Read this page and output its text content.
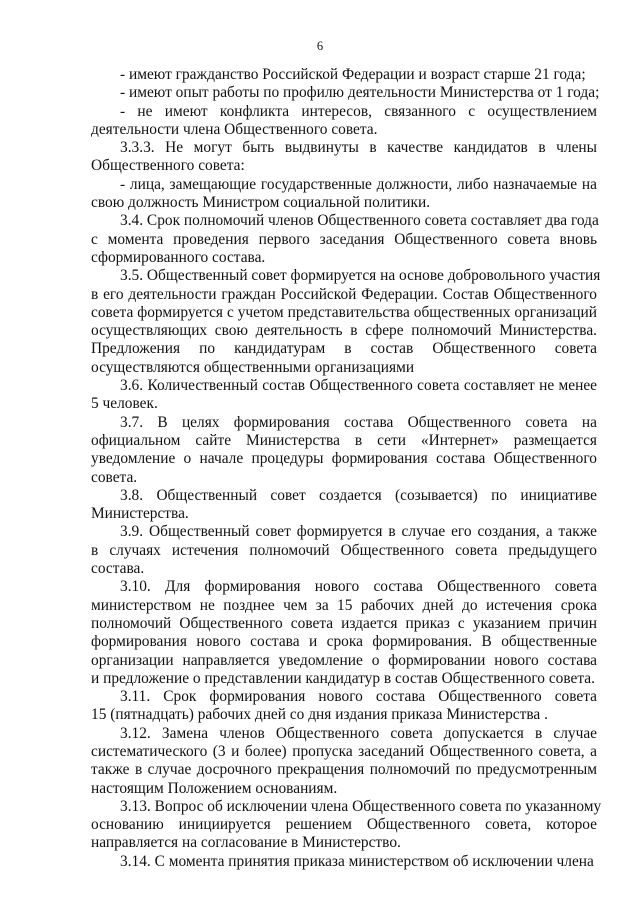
6

- имеют гражданство Российской Федерации и возраст старше 21 года;

- имеют опыт работы по профилю деятельности Министерства от 1 года;

- не имеют конфликта интересов, связанного с осуществлением
деятельности члена Общественного совета.

3.3.3. Не могут быть выдвинуты в качестве кандидатов в члены
Общественного совета:

- лица, замещающие государственные должности, либо назначаемые на
свою должность Министром социальной политики.

3.4. Срок полномочий членов Общественного совета составляет два года
с момента проведения первого заседания Общественного совета вновь
сформированного состава.

3.5. Общественный совет формируется на основе добровольного участия
в его деятельности граждан Российской Федерации. Состав Общественного
совета формируется с учетом представительства общественных организаций
осуществляющих свою деятельность в сфере полномочий Министерства.
Предложения по кандидатурам в состав Общественного совета
осуществляются общественными организациями

3.6. Количественный состав Общественного совета составляет не менее
5 человек.

3.7. В целях формирования состава Общественного совета на
официальном сайте Министерства в сети «Интернет» размещается
уведомление о начале процедуры формирования состава Общественного
совета.

3.8. Общественный совет создается (созывается) по инициативе
Министерства.

3.9. Общественный совет формируется в случае его создания, а также
в случаях истечения полномочий Общественного совета предыдущего
состава.

3.10. Для формирования нового состава Общественного совета
министерством не позднее чем за 15 рабочих дней до истечения срока
полномочий Общественного совета издается приказ с указанием причин
формирования нового состава и срока формирования. В общественные
организации направляется уведомление о формировании нового состава
и предложение о представлении кандидатур в состав Общественного совета.

3.11. Срок формирования нового состава Общественного совета
15 (пятнадцать) рабочих дней со дня издания приказа Министерства .

3.12. Замена членов Общественного совета допускается в случае
систематического (3 и более) пропуска заседаний Общественного совета, а
также в случае досрочного прекращения полномочий по предусмотренным
настоящим Положением основаниям.

3.13. Вопрос об исключении члена Общественного совета по указанному
основанию инициируется решением Общественного совета, которое
направляется на согласование в Министерство.

3.14. С момента принятия приказа министерством об исключении члена
